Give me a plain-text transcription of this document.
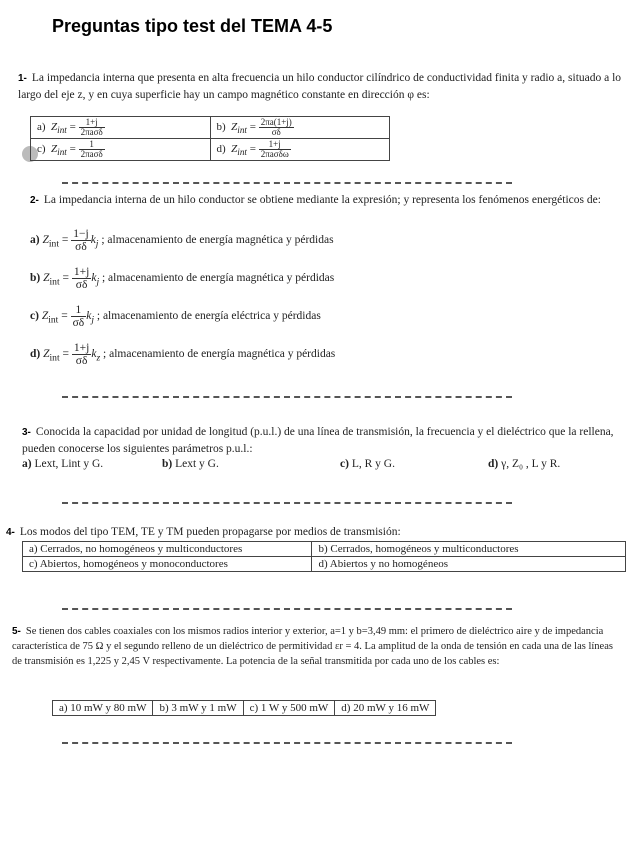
Preguntas tipo test del TEMA 4-5
1- La impedancia interna que presenta en alta frecuencia un hilo conductor cilíndrico de conductividad finita y radio a, situado a lo largo del eje z, y en cuya superficie hay un campo magnético constante en dirección φ es:
a) $Z_{int} = \frac{1+j}{\text{2πaσδ}}$	b) $Z_{int} = \frac{2\pi a(1+j)}{\sigma\delta}$

c) $Z_{int} = \frac{1}{\text{2πaσδ}}$	d) $Z_{int} = \frac{1+j}{\text{2πaσδω}}$
2- La impedancia interna de un hilo conductor se obtiene mediante la expresión; y representa los fenómenos energéticos de:
a) $Z_{int} = \frac{1-j}{\sigma\delta} k_j$ ; almacenamiento de energía magnética y pérdidas
b) $Z_{int} = \frac{1+j}{\sigma\delta} k_j$ ; almacenamiento de energía magnética y pérdidas
c) $Z_{int} = \frac{1}{\sigma\delta} k_j$ ; almacenamiento de energía eléctrica y pérdidas
d) $Z_{int} = \frac{1+j}{\sigma\delta} k_z$ ; almacenamiento de energía magnética y pérdidas
3- Conocida la capacidad por unidad de longitud (p.u.l.) de una línea de transmisión, la frecuencia y el dieléctrico que la rellena, pueden conocerse los siguientes parámetros p.u.l.:
a) Lext, Lint y G.	b) Lext y G.	c) L, R y G.	d) γ, Z₀ , L y R.
4- Los modos del tipo TEM, TE y TM pueden propagarse por medios de transmisión:
a) Cerrados, no homogéneos y multiconductores	b) Cerrados, homogéneos y multiconductores
c) Abiertos, homogéneos y monoconductores	d) Abiertos y no homogéneos
5- Se tienen dos cables coaxiales con los mismos radios interior y exterior, a=1 y b=3,49 mm: el primero de dieléctrico aire y de impedancia característica de 75 Ω y el segundo relleno de un dieléctrico de permitividad εr = 4. La amplitud de la onda de tensión en cada una de las líneas de transmisión es 1,225 y 2,45 V respectivamente. La potencia de la señal transmitida por cada uno de los cables es:
a) 10 mW y 80 mW	b) 3 mW y 1 mW	c) 1 W y 500 mW	d) 20 mW y 16 mW
